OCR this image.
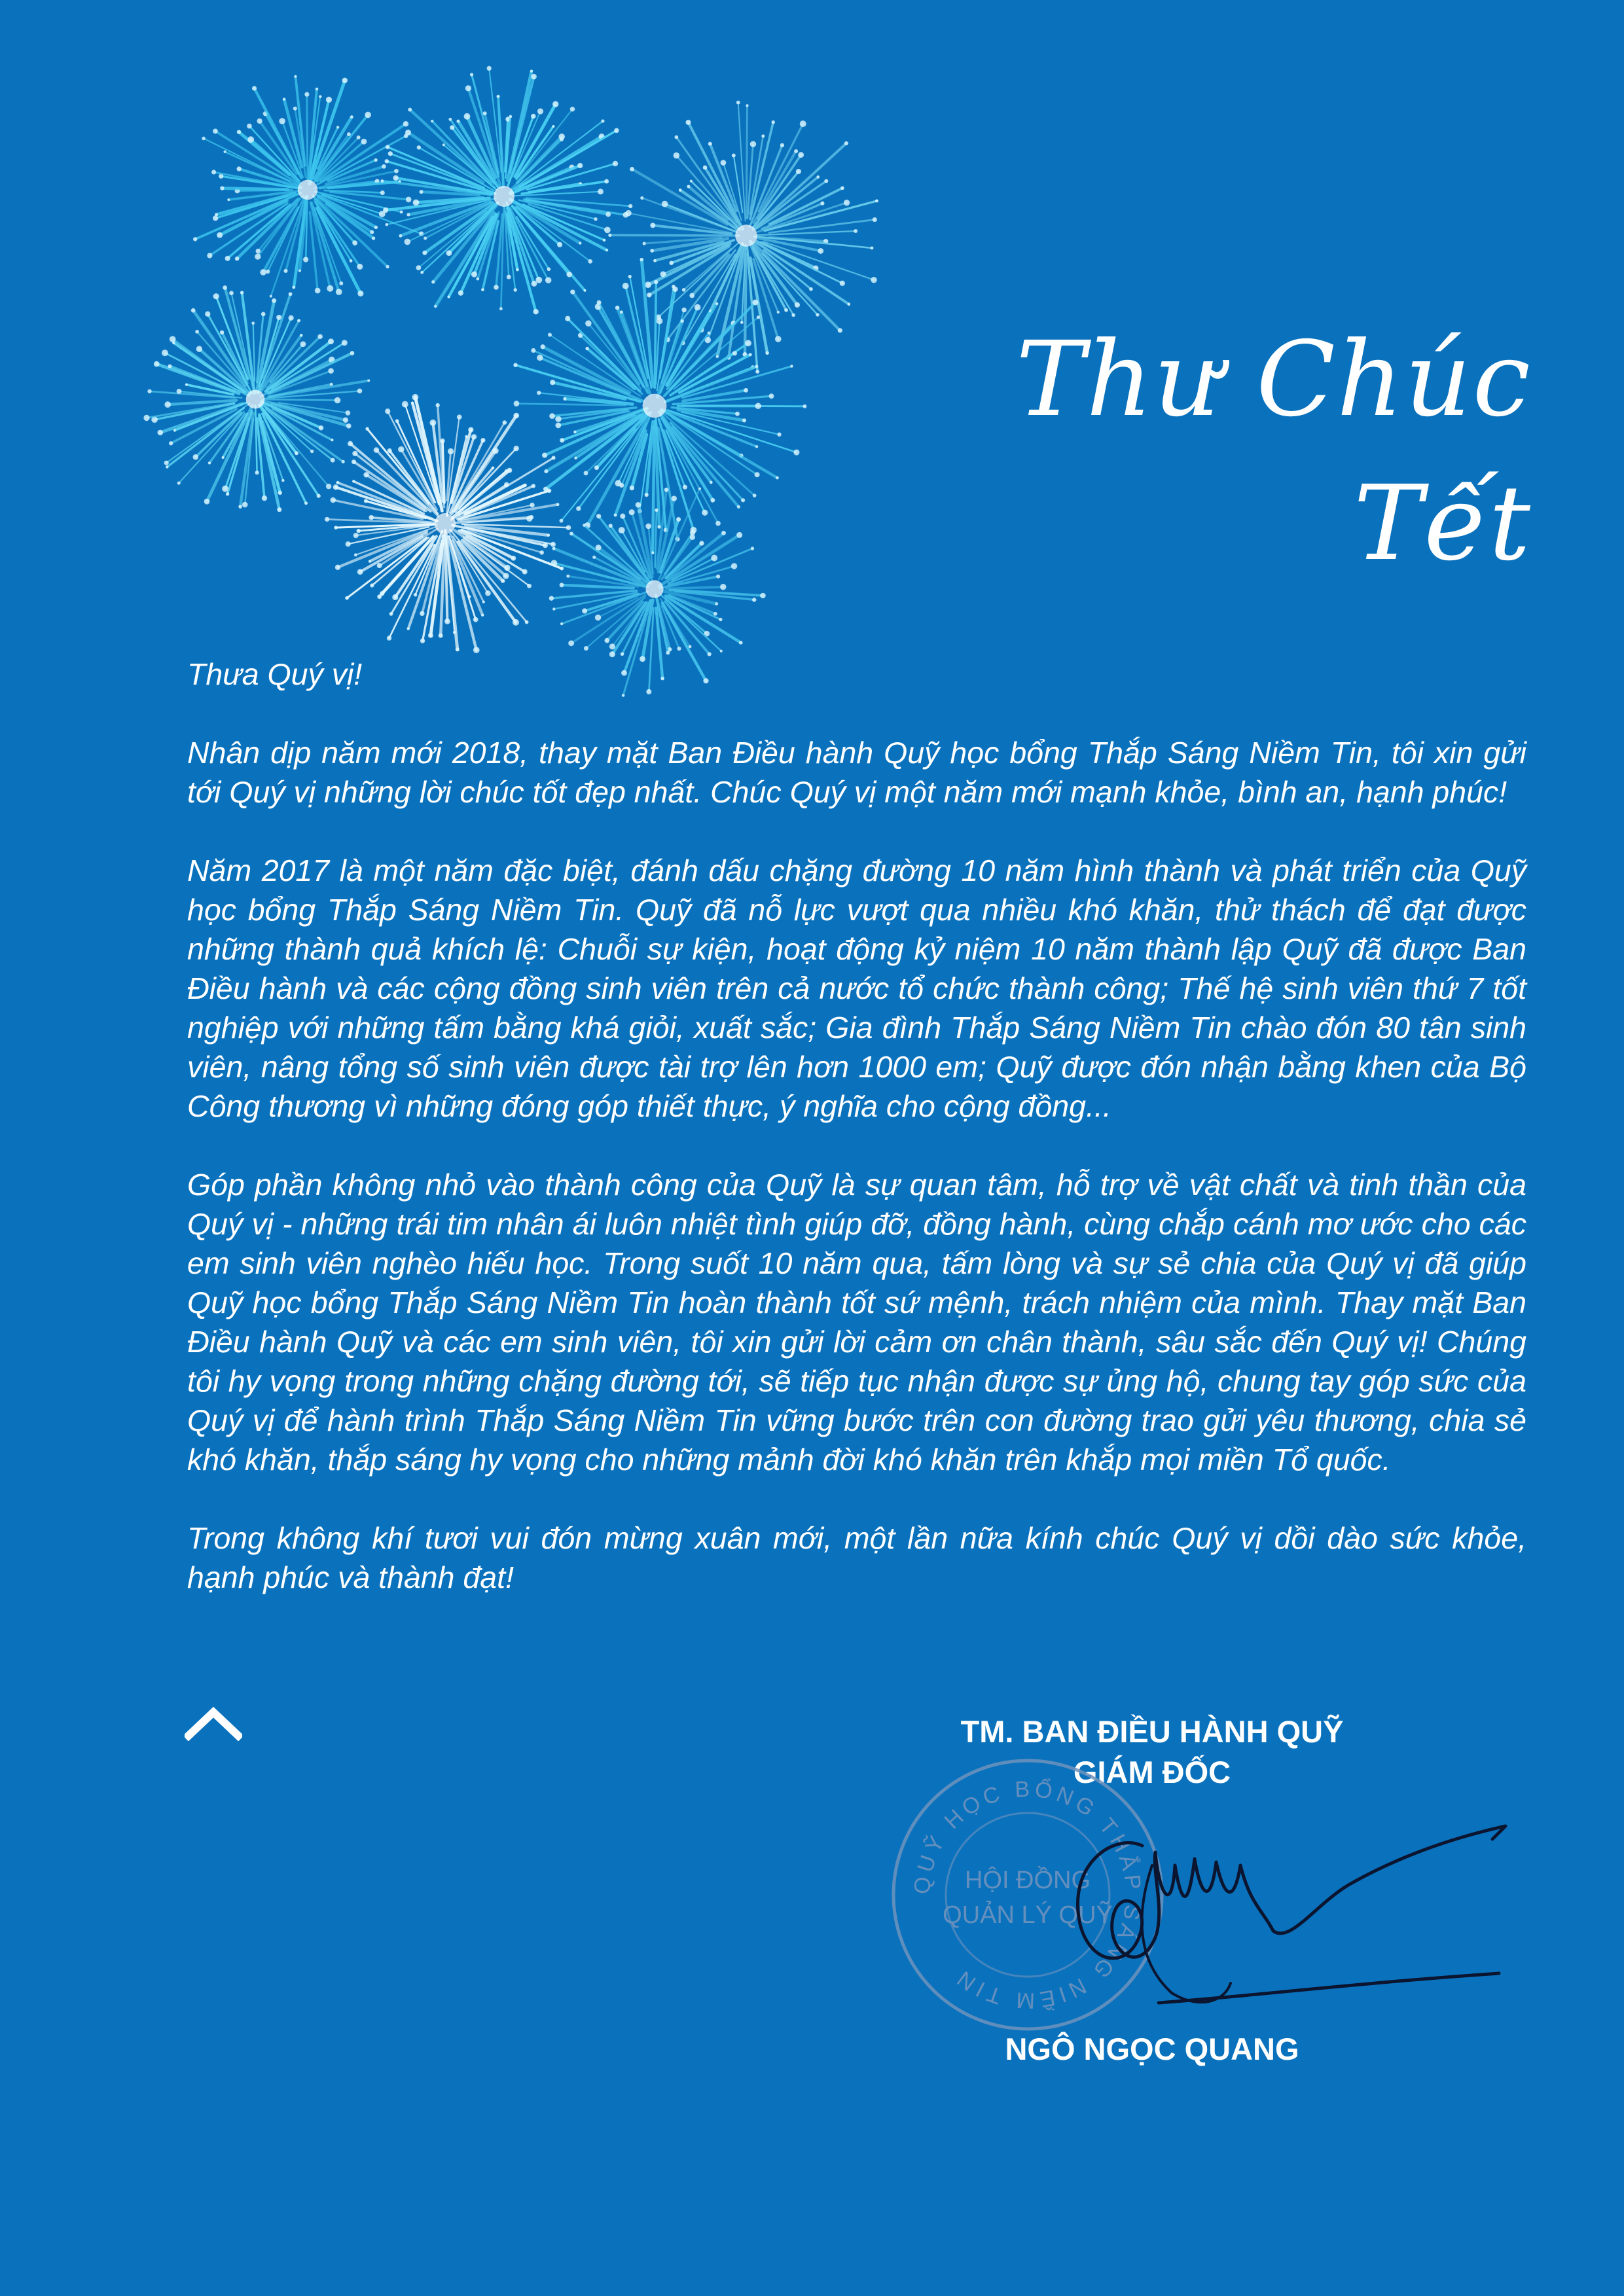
Thư Chúc Tết

Thưa Quý vị!

Nhân dịp năm mới 2018, thay mặt Ban Điều hành Quỹ học bổng Thắp Sáng Niềm Tin, tôi xin gửi tới Quý vị những lời chúc tốt đẹp nhất. Chúc Quý vị một năm mới mạnh khỏe, bình an, hạnh phúc!

Năm 2017 là một năm đặc biệt, đánh dấu chặng đường 10 năm hình thành và phát triển của Quỹ học bổng Thắp Sáng Niềm Tin. Quỹ đã nỗ lực vượt qua nhiều khó khăn, thử thách để đạt được những thành quả khích lệ: Chuỗi sự kiện, hoạt động kỷ niệm 10 năm thành lập Quỹ đã được Ban Điều hành và các cộng đồng sinh viên trên cả nước tổ chức thành công; Thế hệ sinh viên thứ 7 tốt nghiệp với những tấm bằng khá giỏi, xuất sắc; Gia đình Thắp Sáng Niềm Tin chào đón 80 tân sinh viên, nâng tổng số sinh viên được tài trợ lên hơn 1000 em; Quỹ được đón nhận bằng khen của Bộ Công thương vì những đóng góp thiết thực, ý nghĩa cho cộng đồng...

Góp phần không nhỏ vào thành công của Quỹ là sự quan tâm, hỗ trợ về vật chất và tinh thần của Quý vị - những trái tim nhân ái luôn nhiệt tình giúp đỡ, đồng hành, cùng chắp cánh mơ ước cho các em sinh viên nghèo hiếu học. Trong suốt 10 năm qua, tấm lòng và sự sẻ chia của Quý vị đã giúp Quỹ học bổng Thắp Sáng Niềm Tin hoàn thành tốt sứ mệnh, trách nhiệm của mình. Thay mặt Ban Điều hành Quỹ và các em sinh viên, tôi xin gửi lời cảm ơn chân thành, sâu sắc đến Quý vị! Chúng tôi hy vọng trong những chặng đường tới, sẽ tiếp tục nhận được sự ủng hộ, chung tay góp sức của Quý vị để hành trình Thắp Sáng Niềm Tin vững bước trên con đường trao gửi yêu thương, chia sẻ khó khăn, thắp sáng hy vọng cho những mảnh đời khó khăn trên khắp mọi miền Tổ quốc.

Trong không khí tươi vui đón mừng xuân mới, một lần nữa kính chúc Quý vị dồi dào sức khỏe, hạnh phúc và thành đạt!

TM. BAN ĐIỀU HÀNH QUỸ
GIÁM ĐỐC
QUỸ HỌC BỔNG THẮP SÁNG NIỀM TIN
HỘI ĐỒNG
QUẢN LÝ QUỸ
NGÔ NGỌC QUANG
